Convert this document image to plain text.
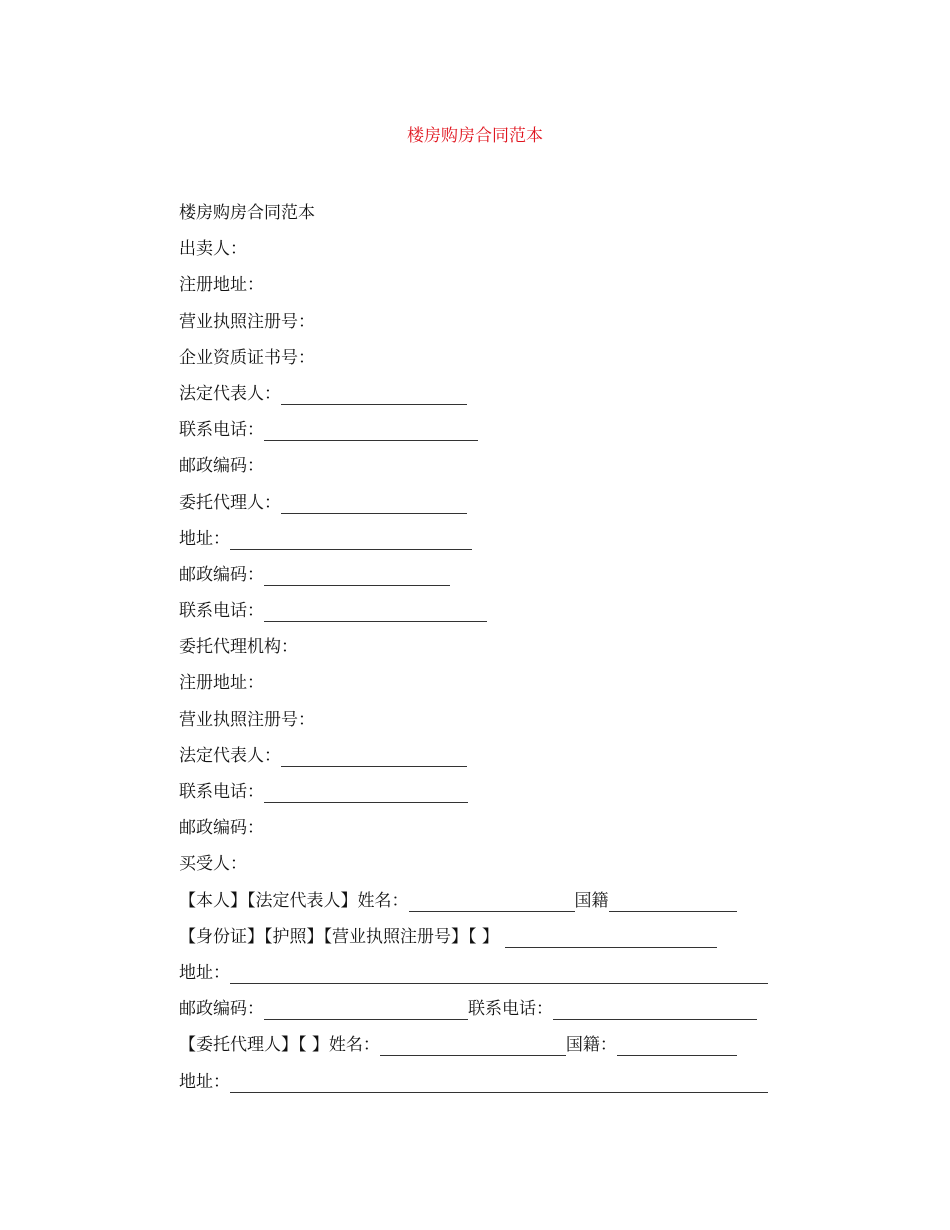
楼房购房合同范本
楼房购房合同范本
出卖人：
注册地址：
营业执照注册号：
企业资质证书号：
法定代表人：
联系电话：
邮政编码：
委托代理人：
地址：
邮政编码：
联系电话：
委托代理机构：
注册地址：
营业执照注册号：
法定代表人：
联系电话：
邮政编码：
买受人：
【本人】【法定代表人】姓名：	国籍
【身份证】【护照】【营业执照注册号】【 】
地址：
邮政编码：	联系电话：
【委托代理人】【 】姓名：	国籍：
地址：
